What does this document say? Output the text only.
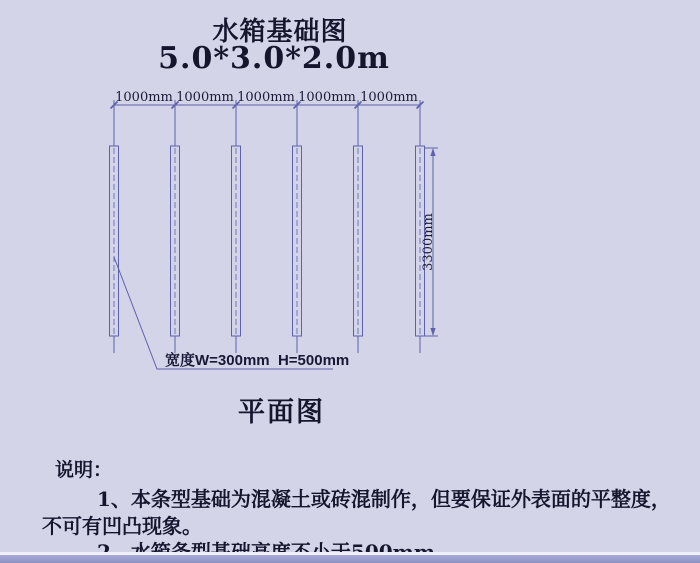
水箱基础图
5.0*3.0*2.0m
1000mm 1000mm 1000mm 1000mm 1000mm
3300mm
宽度W=300mm  H=500mm
平面图
说明：
1、本条型基础为混凝土或砖混制作，但要保证外表面的平整度，
不可有凹凸现象。
